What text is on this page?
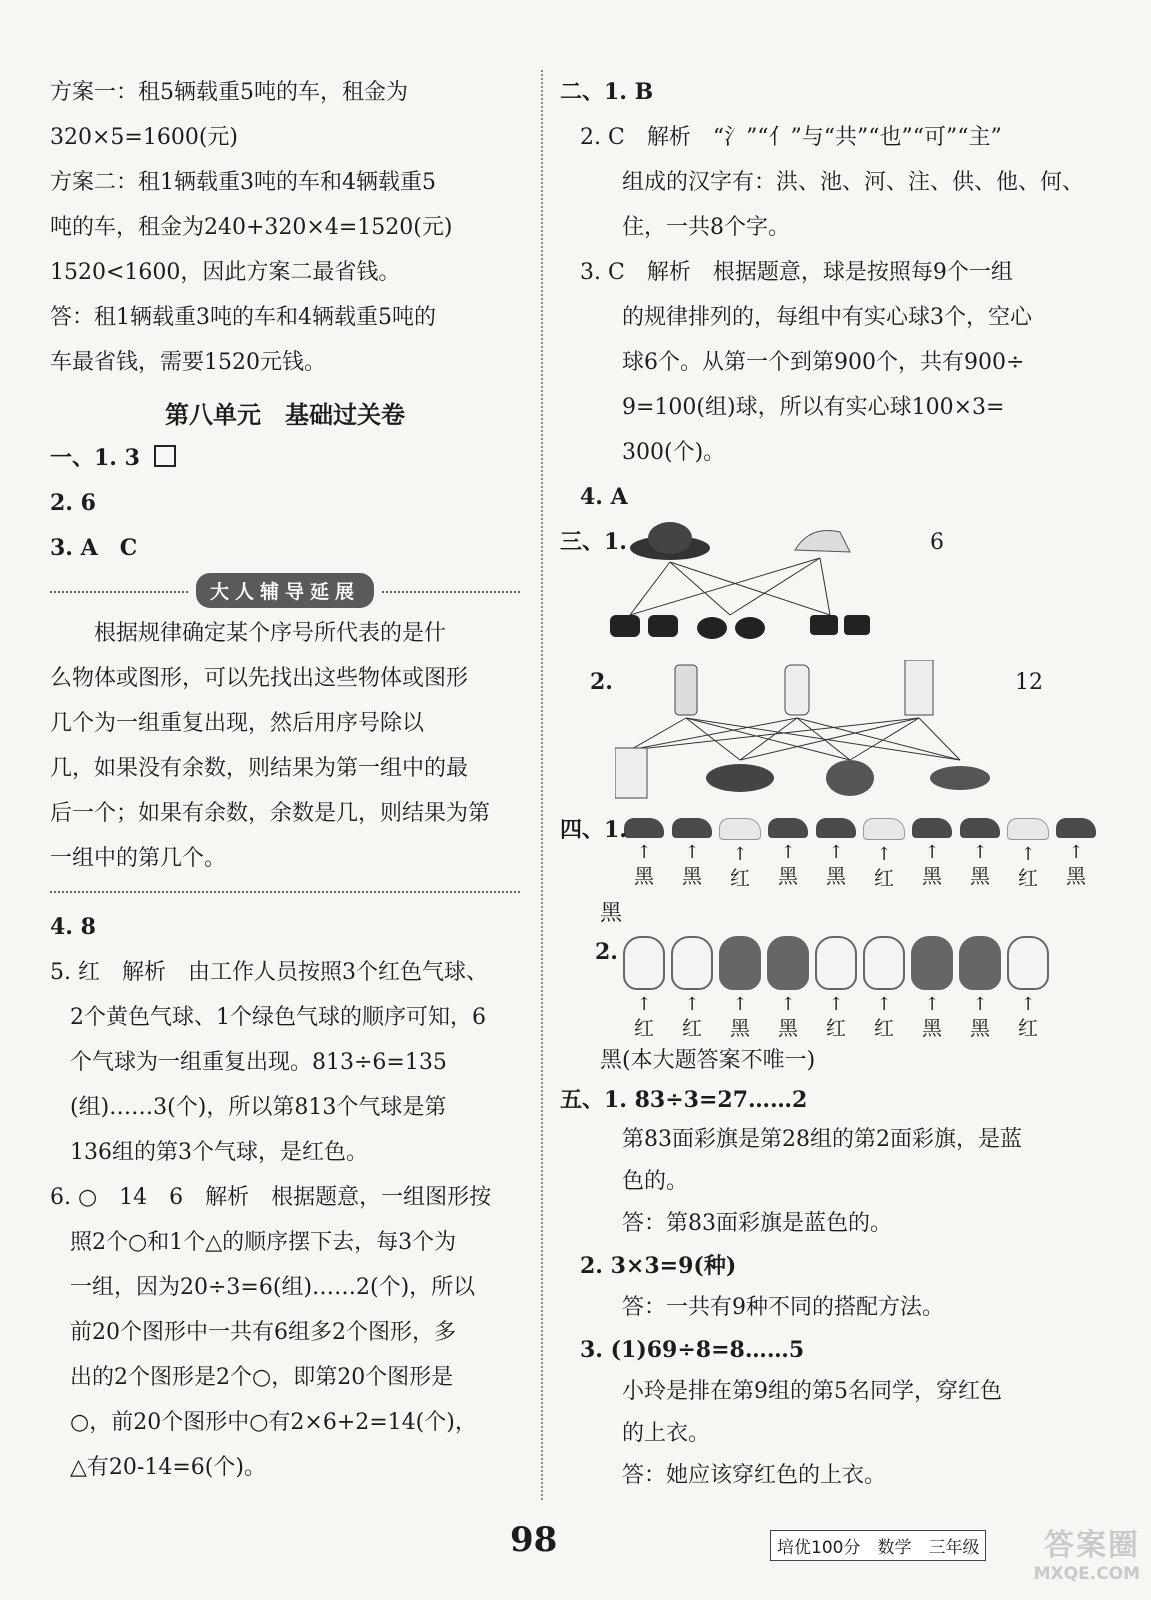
方案一：租5辆载重5吨的车，租金为

320×5=1600(元)

方案二：租1辆载重3吨的车和4辆载重5

吨的车，租金为240+320×4=1520(元)

1520<1600，因此方案二最省钱。

答：租1辆载重3吨的车和4辆载重5吨的

车最省钱，需要1520元钱。

第八单元　基础过关卷

一、1. 3

2. 6

3. A　C

大人辅导延展

　　根据规律确定某个序号所代表的是什

么物体或图形，可以先找出这些物体或图形

几个为一组重复出现，然后用序号除以

几，如果没有余数，则结果为第一组中的最

后一个；如果有余数，余数是几，则结果为第

一组中的第几个。

4. 8

5. 红　解析　由工作人员按照3个红色气球、

2个黄色气球、1个绿色气球的顺序可知，6

个气球为一组重复出现。813÷6=135

(组)……3(个)，所以第813个气球是第

136组的第3个气球，是红色。

6. ○　14　6　解析　根据题意，一组图形按

照2个○和1个△的顺序摆下去，每3个为

一组，因为20÷3=6(组)……2(个)，所以

前20个图形中一共有6组多2个图形，多

出的2个图形是2个○，即第20个图形是

○，前20个图形中○有2×6+2=14(个)，

△有20-14=6(个)。

二、1. B

2. C　解析　“氵”“亻”与“共”“也”“可”“主”

组成的汉字有：洪、池、河、注、供、他、何、

住，一共8个字。

3. C　解析　根据题意，球是按照每9个一组

的规律排列的，每组中有实心球3个，空心

球6个。从第一个到第900个，共有900÷

9=100(组)球，所以有实心球100×3=

300(个)。

4. A

三、1.	6
2.	12
四、1.
↑
黑
↑
黑
↑
红
↑
黑
↑
黑
↑
红
↑
黑
↑
黑
↑
红
↑
黑

黑

2.
↑
红
↑
红
↑
黑
↑
黑
↑
红
↑
红
↑
黑
↑
黑
↑
红

黑(本大题答案不唯一)

五、1. 83÷3=27……2

第83面彩旗是第28组的第2面彩旗，是蓝

色的。

答：第83面彩旗是蓝色的。

2. 3×3=9(种)

答：一共有9种不同的搭配方法。

3. (1)69÷8=8……5

小玲是排在第9组的第5名同学，穿红色

的上衣。

答：她应该穿红色的上衣。

98	培优100分　数学　三年级	答案圈
MXQE.COM
